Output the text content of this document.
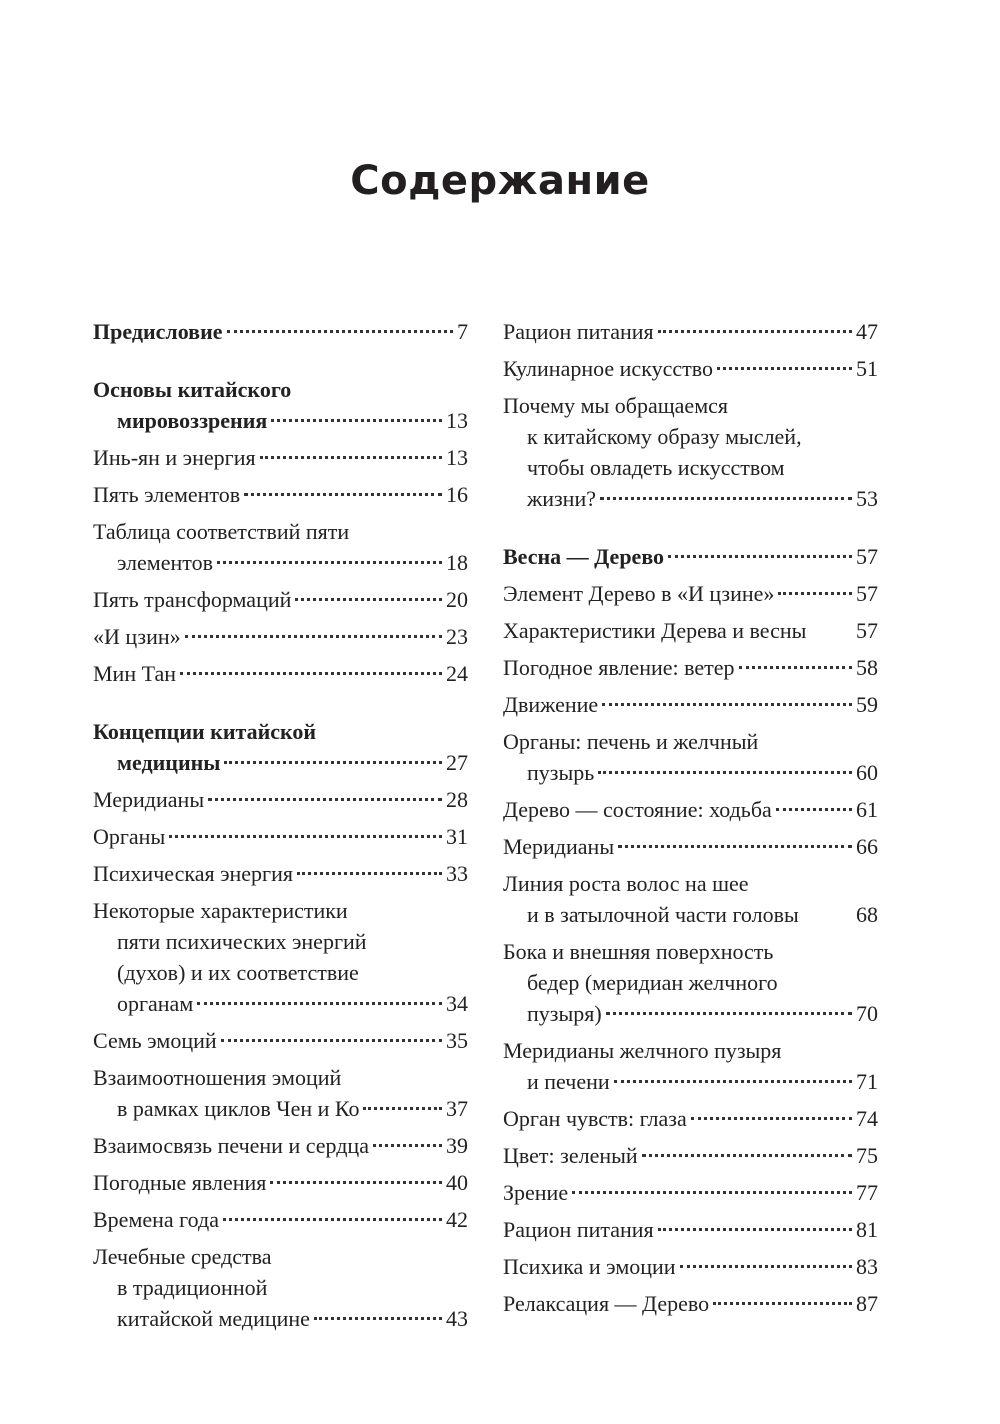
Содержание
Предисловие	7
Основы китайского
мировоззрения	13
Инь-ян и энергия	13
Пять элементов	16
Таблица соответствий пяти
элементов	18
Пять трансформаций	20
«И цзин»	23
Мин Тан	24
Концепции китайской
медицины	27
Меридианы	28
Органы	31
Психическая энергия	33
Некоторые характеристики
пяти психических энергий
(духов) и их соответствие
органам	34
Семь эмоций	35
Взаимоотношения эмоций
в рамках циклов Чен и Ко	37
Взаимосвязь печени и сердца	39
Погодные явления	40
Времена года	42
Лечебные средства
в традиционной
китайской медицине	43
Рацион питания	47
Кулинарное искусство	51
Почему мы обращаемся
к китайскому образу мыслей,
чтобы овладеть искусством
жизни?	53
Весна — Дерево	57
Элемент Дерево в «И цзине»	57
Характеристики Дерева и весны 57
Погодное явление: ветер	58
Движение	59
Органы: печень и желчный
пузырь	60
Дерево — состояние: ходьба	61
Меридианы	66
Линия роста волос на шее
и в затылочной части головы	68
Бока и внешняя поверхность
бедер (меридиан желчного
пузыря)	70
Меридианы желчного пузыря
и печени	71
Орган чувств: глаза	74
Цвет: зеленый	75
Зрение	77
Рацион питания	81
Психика и эмоции	83
Релаксация — Дерево	87
